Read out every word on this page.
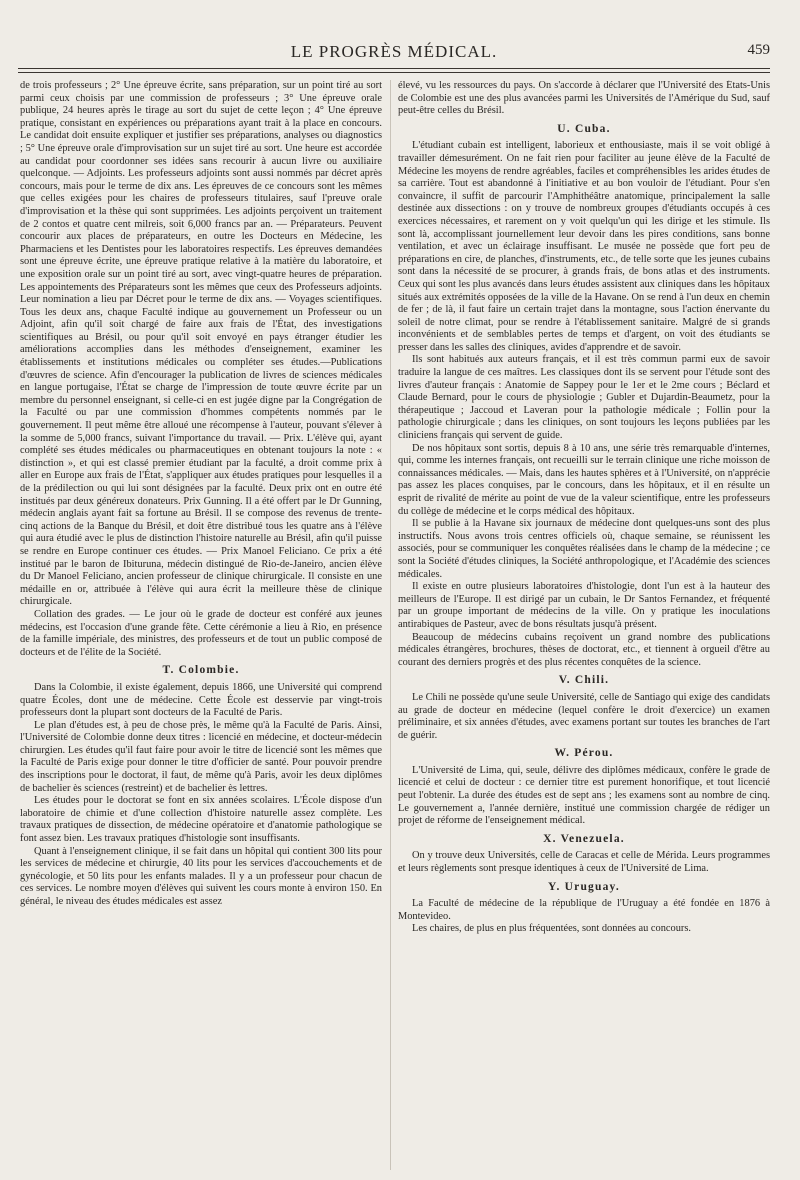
LE PROGRÈS MÉDICAL.	459

de trois professeurs ; 2° Une épreuve écrite, sans préparation, sur un point tiré au sort parmi ceux choisis par une commission de professeurs ; 3° Une épreuve orale publique, 24 heures après le tirage au sort du sujet de cette leçon ; 4° Une épreuve pratique, consistant en expériences ou préparations ayant trait à la place en concours. Le candidat doit ensuite expliquer et justifier ses préparations, analyses ou diagnostics ; 5° Une épreuve orale d'improvisation sur un sujet tiré au sort. Une heure est accordée au candidat pour coordonner ses idées sans recourir à aucun livre ou auxiliaire quelconque. — Adjoints. Les professeurs adjoints sont aussi nommés par décret après concours, mais pour le terme de dix ans. Les épreuves de ce concours sont les mêmes que celles exigées pour les chaires de professeurs titulaires, sauf l'preuve orale d'improvisation et la thèse qui sont supprimées. Les adjoints perçoivent un traitement de 2 contos et quatre cent milreis, soit 6,000 francs par an. — Préparateurs. Peuvent concourir aux places de préparateurs, en outre les Docteurs en Médecine, les Pharmaciens et les Dentistes pour les laboratoires respectifs. Les épreuves demandées sont une épreuve écrite, une épreuve pratique relative à la matière du laboratoire, et une exposition orale sur un point tiré au sort, avec vingt-quatre heures de préparation. Les appointements des Préparateurs sont les mêmes que ceux des Professeurs adjoints. Leur nomination a lieu par Décret pour le terme de dix ans. — Voyages scientifiques. Tous les deux ans, chaque Faculté indique au gouvernement un Professeur ou un Adjoint, afin qu'il soit chargé de faire aux frais de l'État, des investigations scientifiques au Brésil, ou pour qu'il soit envoyé en pays étranger étudier les améliorations accomplies dans les méthodes d'enseignement, examiner les établissements et institutions médicales ou compléter ses études.—Publications d'œuvres de science. Afin d'encourager la publication de livres de sciences médicales en langue portugaise, l'État se charge de l'impression de toute œuvre écrite par un membre du personnel enseignant, si celle-ci en est jugée digne par la Congrégation de la Faculté ou par une commission d'hommes compétents nommés par le gouvernement. Il peut même être alloué une récompense à l'auteur, pouvant s'élever à la somme de 5,000 francs, suivant l'importance du travail. — Prix. L'élève qui, ayant complété ses études médicales ou pharmaceutiques en obtenant toujours la note : « distinction », et qui est classé premier étudiant par la faculté, a droit comme prix à aller en Europe aux frais de l'État, s'appliquer aux études pratiques pour lesquelles il a de la prédilection ou qui lui sont désignées par la faculté. Deux prix ont en outre été institués par deux généreux donateurs. Prix Gunning. Il a été offert par le Dr Gunning, médecin anglais ayant fait sa fortune au Brésil. Il se compose des revenus de trente-cinq actions de la Banque du Brésil, et doit être distribué tous les quatre ans à l'élève qui aura étudié avec le plus de distinction l'histoire naturelle au Brésil, afin qu'il puisse se rendre en Europe continuer ces études. — Prix Manoel Feliciano. Ce prix a été institué par le baron de Ibituruna, médecin distingué de Rio-de-Janeiro, ancien élève du Dr Manoel Feliciano, ancien professeur de clinique chirurgicale. Il consiste en une médaille en or, attribuée à l'élève qui aura écrit la meilleure thèse de clinique chirurgicale.

Collation des grades. — Le jour où le grade de docteur est conféré aux jeunes médecins, est l'occasion d'une grande fête. Cette cérémonie a lieu à Rio, en présence de la famille impériale, des ministres, des professeurs et de tout un public composé de docteurs et de l'élite de la Société.

T. Colombie.

Dans la Colombie, il existe également, depuis 1866, une Université qui comprend quatre Écoles, dont une de médecine. Cette École est desservie par vingt-trois professeurs dont la plupart sont docteurs de la Faculté de Paris.

Le plan d'études est, à peu de chose près, le même qu'à la Faculté de Paris. Ainsi, l'Université de Colombie donne deux titres : licencié en médecine, et docteur-médecin chirurgien. Les études qu'il faut faire pour avoir le titre de licencié sont les mêmes que la Faculté de Paris exige pour donner le titre d'officier de santé. Pour pouvoir prendre des inscriptions pour le doctorat, il faut, de même qu'à Paris, avoir les deux diplômes de bachelier ès sciences (restreint) et de bachelier ès lettres.

Les études pour le doctorat se font en six années scolaires. L'École dispose d'un laboratoire de chimie et d'une collection d'histoire naturelle assez complète. Les travaux pratiques de dissection, de médecine opératoire et d'anatomie pathologique se font assez bien. Les travaux pratiques d'histologie sont insuffisants.

Quant à l'enseignement clinique, il se fait dans un hôpital qui contient 300 lits pour les services de médecine et chirurgie, 40 lits pour les services d'accouchements et de gynécologie, et 50 lits pour les enfants malades. Il y a un professeur pour chacun de ces services. Le nombre moyen d'élèves qui suivent les cours monte à environ 150. En général, le niveau des études médicales est assez

élevé, vu les ressources du pays. On s'accorde à déclarer que l'Université des États-Unis de Colombie est une des plus avancées parmi les Universités de l'Amérique du Sud, sauf peut-être celles du Brésil.

U. Cuba.

L'étudiant cubain est intelligent, laborieux et enthousiaste, mais il se voit obligé à travailler démesurément. On ne fait rien pour faciliter au jeune élève de la Faculté de Médecine les moyens de rendre agréables, faciles et compréhensibles les arides études de sa carrière. Tout est abandonné à l'initiative et au bon vouloir de l'étudiant. Pour s'en convaincre, il suffit de parcourir l'Amphithéâtre anatomique, principalement la salle destinée aux dissections : on y trouve de nombreux groupes d'étudiants occupés à ces exercices nécessaires, et rarement on y voit quelqu'un qui les dirige et les stimule. Ils sont là, accomplissant journellement leur devoir dans les pires conditions, sans bonne ventilation, et avec un éclairage insuffisant. Le musée ne possède que fort peu de préparations en cire, de planches, d'instruments, etc., de telle sorte que les jeunes cubains sont dans la nécessité de se procurer, à grands frais, de bons atlas et des instruments. Ceux qui sont les plus avancés dans leurs études assistent aux cliniques dans les hôpitaux situés aux extrémités opposées de la ville de la Havane. On se rend à l'un deux en chemin de fer ; de là, il faut faire un certain trajet dans la montagne, sous l'action énervante du soleil de notre climat, pour se rendre à l'établissement sanitaire. Malgré de si grands inconvénients et de semblables pertes de temps et d'argent, on voit des étudiants se presser dans les salles des cliniques, avides d'apprendre et de savoir.

Ils sont habitués aux auteurs français, et il est très commun parmi eux de savoir traduire la langue de ces maîtres. Les classiques dont ils se servent pour l'étude sont des livres d'auteur français : Anatomie de Sappey pour le 1er et le 2me cours ; Béclard et Claude Bernard, pour le cours de physiologie ; Gubler et Dujardin-Beaumetz, pour la thérapeutique ; Jaccoud et Laveran pour la pathologie médicale ; Follin pour la pathologie chirurgicale ; dans les cliniques, on sont toujours les leçons publiées par les cliniciens français qui servent de guide.

De nos hôpitaux sont sortis, depuis 8 à 10 ans, une série très remarquable d'internes, qui, comme les internes français, ont recueilli sur le terrain clinique une riche moisson de connaissances médicales. — Mais, dans les hautes sphères et à l'Université, on n'apprécie pas assez les places conquises, par le concours, dans les hôpitaux, et il en résulte un esprit de rivalité de mérite au point de vue de la valeur scientifique, entre les professeurs du collège de médecine et le corps médical des hôpitaux.

Il se publie à la Havane six journaux de médecine dont quelques-uns sont des plus instructifs. Nous avons trois centres officiels où, chaque semaine, se réunissent les associés, pour se communiquer les conquêtes réalisées dans le champ de la médecine ; ce sont la Société d'études cliniques, la Société anthropologique, et l'Académie des sciences médicales.

Il existe en outre plusieurs laboratoires d'histologie, dont l'un est à la hauteur des meilleurs de l'Europe. Il est dirigé par un cubain, le Dr Santos Fernandez, et fréquenté par un groupe important de médecins de la ville. On y pratique les inoculations antirabiques de Pasteur, avec de bons résultats jusqu'à présent.

Beaucoup de médecins cubains reçoivent un grand nombre des publications médicales étrangères, brochures, thèses de doctorat, etc., et tiennent à orgueil d'être au courant des derniers progrès et des plus récentes conquêtes de la science.

V. Chili.

Le Chili ne possède qu'une seule Université, celle de Santiago qui exige des candidats au grade de docteur en médecine (lequel confère le droit d'exercice) un examen préliminaire, et six années d'études, avec examens portant sur toutes les branches de l'art de guérir.

W. Pérou.

L'Université de Lima, qui, seule, délivre des diplômes médicaux, confère le grade de licencié et celui de docteur : ce dernier titre est purement honorifique, et tout licencié peut l'obtenir. La durée des études est de sept ans ; les examens sont au nombre de cinq. Le gouvernement a, l'année dernière, institué une commission chargée de rédiger un projet de réforme de l'enseignement médical.

X. Venezuela.

On y trouve deux Universités, celle de Caracas et celle de Mérida. Leurs programmes et leurs règlements sont presque identiques à ceux de l'Université de Lima.

Y. Uruguay.

La Faculté de médecine de la république de l'Uruguay a été fondée en 1876 à Montevideo.

Les chaires, de plus en plus fréquentées, sont données au concours.
